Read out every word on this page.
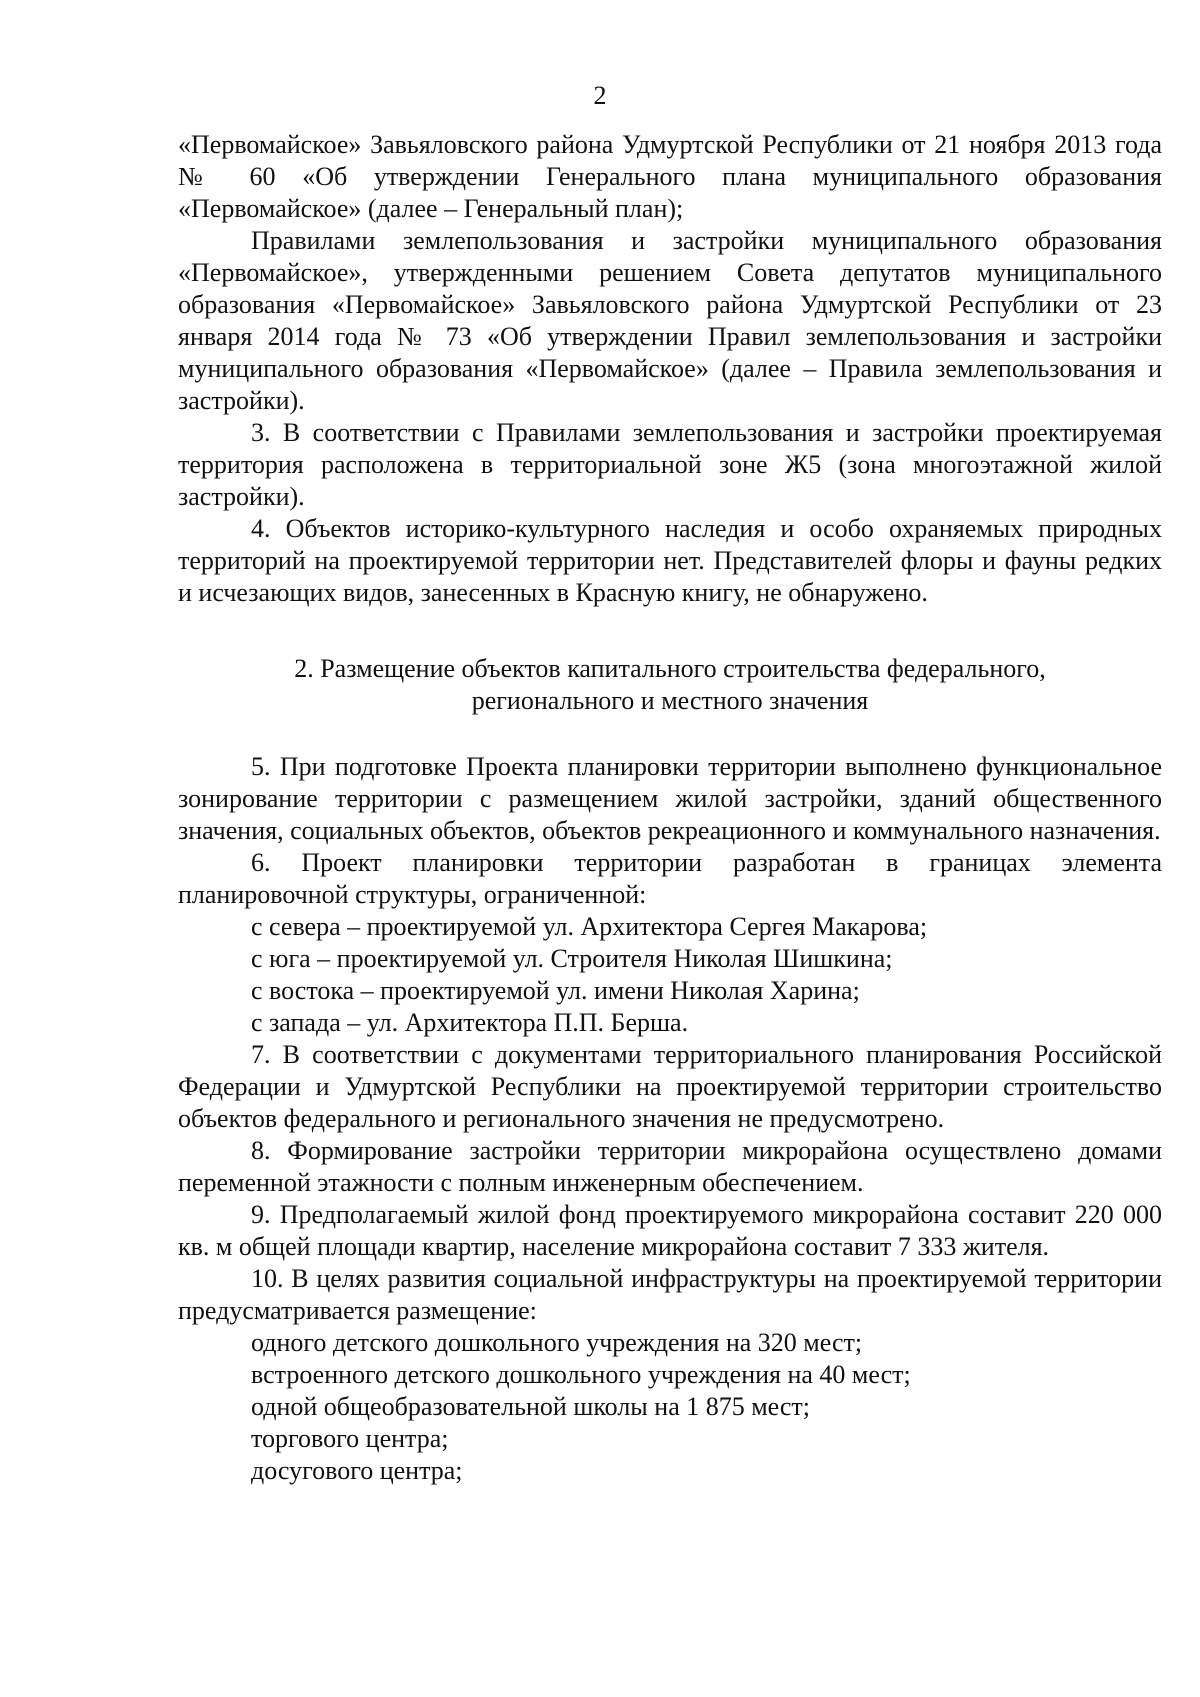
2

«Первомайское» Завьяловского района Удмуртской Республики от 21 ноября 2013 года № 60 «Об утверждении Генерального плана муниципального образования «Первомайское» (далее – Генеральный план);

Правилами землепользования и застройки муниципального образования «Первомайское», утвержденными решением Совета депутатов муниципального образования «Первомайское» Завьяловского района Удмуртской Республики от 23 января 2014 года № 73 «Об утверждении Правил землепользования и застройки муниципального образования «Первомайское» (далее – Правила землепользования и застройки).

3. В соответствии с Правилами землепользования и застройки проектируемая территория расположена в территориальной зоне Ж5 (зона многоэтажной жилой застройки).

4. Объектов историко-культурного наследия и особо охраняемых природных территорий на проектируемой территории нет. Представителей флоры и фауны редких и исчезающих видов, занесенных в Красную книгу, не обнаружено.

2. Размещение объектов капитального строительства федерального,
регионального и местного значения

5. При подготовке Проекта планировки территории выполнено функциональное зонирование территории с размещением жилой застройки, зданий общественного значения, социальных объектов, объектов рекреационного и коммунального назначения.

6. Проект планировки территории разработан в границах элемента планировочной структуры, ограниченной:

с севера – проектируемой ул. Архитектора Сергея Макарова;

с юга – проектируемой ул. Строителя Николая Шишкина;

с востока – проектируемой ул. имени Николая Харина;

с запада – ул. Архитектора П.П. Берша.

7. В соответствии с документами территориального планирования Российской Федерации и Удмуртской Республики на проектируемой территории строительство объектов федерального и регионального значения не предусмотрено.

8. Формирование застройки территории микрорайона осуществлено домами переменной этажности с полным инженерным обеспечением.

9. Предполагаемый жилой фонд проектируемого микрорайона составит 220 000 кв. м общей площади квартир, население микрорайона составит 7 333 жителя.

10. В целях развития социальной инфраструктуры на проектируемой территории предусматривается размещение:

одного детского дошкольного учреждения на 320 мест;

встроенного детского дошкольного учреждения на 40 мест;

одной общеобразовательной школы на 1 875 мест;

торгового центра;

досугового центра;
